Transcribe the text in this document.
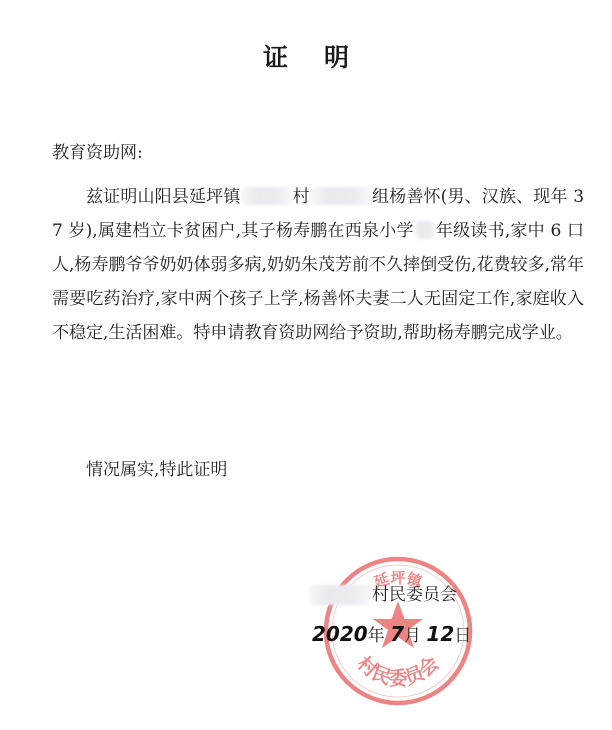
证明
教育资助网:
兹证明山阳县延坪镇	村	组杨善怀(男、汉族、现年 37 岁),属建档立卡贫困户,其子杨寿鹏在西泉小学 年级读书,家中 6 口人,杨寿鹏爷爷奶奶体弱多病,奶奶朱茂芳前不久摔倒受伤,花费较多,常年需要吃药治疗,家中两个孩子上学,杨善怀夫妻二人无固定工作,家庭收入不稳定,生活困难。特申请教育资助网给予资助,帮助杨寿鹏完成学业。
情况属实,特此证明
延坪镇
村民委员会
村民委员会
2020年 7月 12日
